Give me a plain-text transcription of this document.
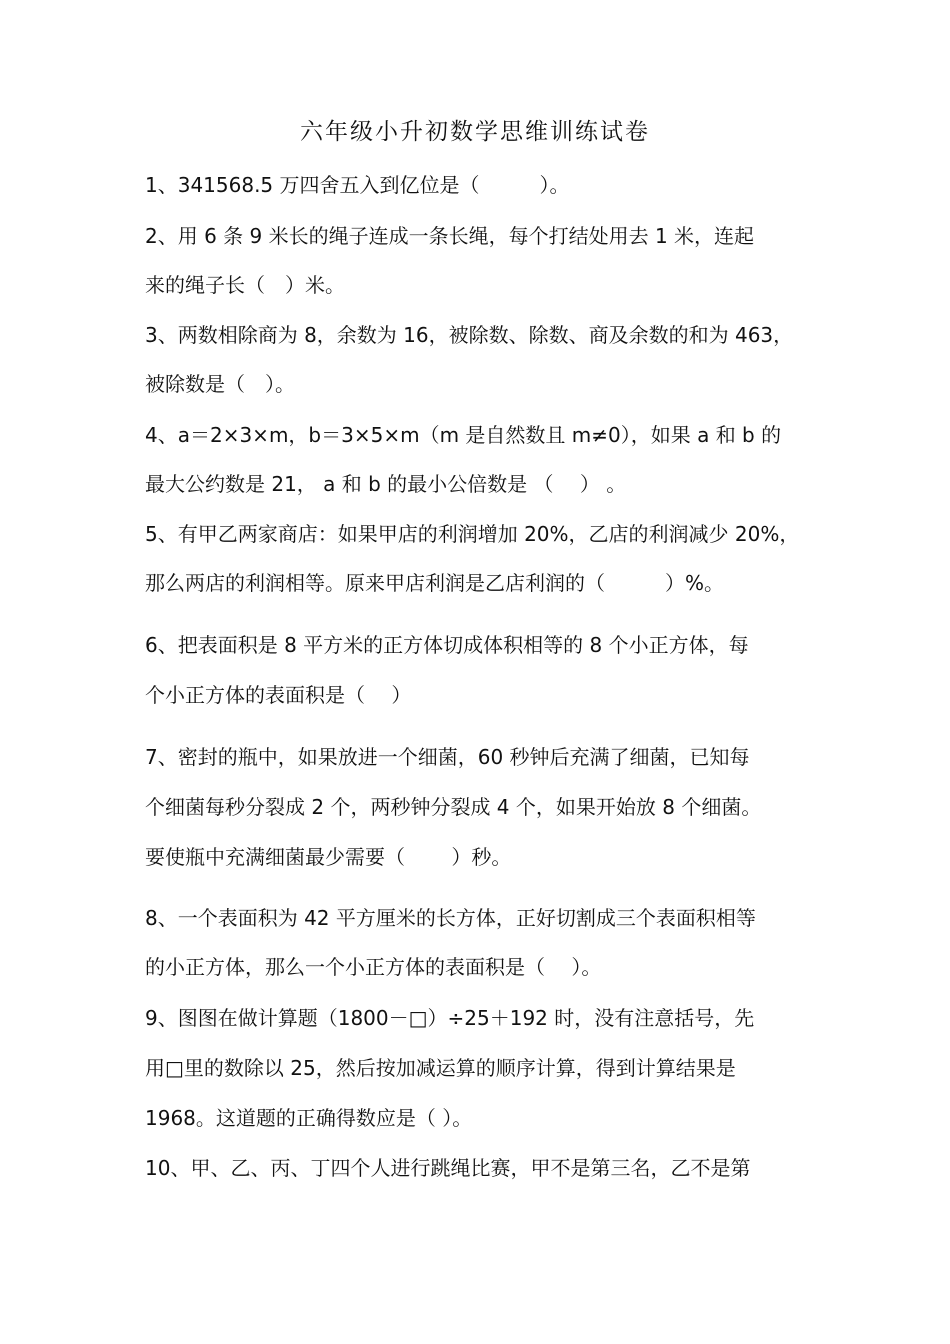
六年级小升初数学思维训练试卷
1、341568.5 万四舍五入到亿位是（　　　）。
2、用 6 条 9 米长的绳子连成一条长绳，每个打结处用去 1 米，连起
来的绳子长（　）米。
3、两数相除商为 8，余数为 16，被除数、除数、商及余数的和为 463，
被除数是（　）。
4、a＝2×3×m，b＝3×5×m（m 是自然数且 m≠0），如果 a 和 b 的
最大公约数是 21， a 和 b 的最小公倍数是 （　 ） 。
5、有甲乙两家商店：如果甲店的利润增加 20%，乙店的利润减少 20%，
那么两店的利润相等。原来甲店利润是乙店利润的（　　　）%。
6、把表面积是 8 平方米的正方体切成体积相等的 8 个小正方体，每
个小正方体的表面积是（　 ）
7、密封的瓶中，如果放进一个细菌，60 秒钟后充满了细菌，已知每
个细菌每秒分裂成 2 个，两秒钟分裂成 4 个，如果开始放 8 个细菌。
要使瓶中充满细菌最少需要（　　 ）秒。
8、一个表面积为 42 平方厘米的长方体，正好切割成三个表面积相等
的小正方体，那么一个小正方体的表面积是（　 ）。
9、图图在做计算题（1800－□）÷25＋192 时，没有注意括号，先
用□里的数除以 25，然后按加减运算的顺序计算，得到计算结果是
1968。这道题的正确得数应是（ ）。
10、甲、乙、丙、丁四个人进行跳绳比赛，甲不是第三名，乙不是第
